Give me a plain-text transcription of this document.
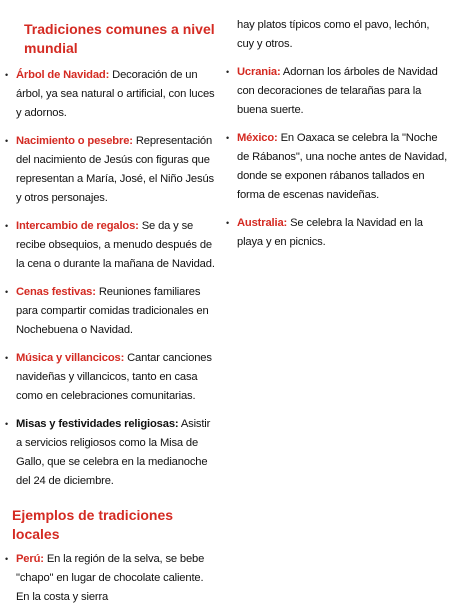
Tradiciones comunes a nivel mundial
• Árbol de Navidad: Decoración de un árbol, ya sea natural o artificial, con luces y adornos.
• Nacimiento o pesebre: Representación del nacimiento de Jesús con figuras que representan a María, José, el Niño Jesús y otros personajes.
• Intercambio de regalos: Se da y se recibe obsequios, a menudo después de la cena o durante la mañana de Navidad.
• Cenas festivas: Reuniones familiares para compartir comidas tradicionales en Nochebuena o Navidad.
• Música y villancicos: Cantar canciones navideñas y villancicos, tanto en casa como en celebraciones comunitarias.
• Misas y festividades religiosas: Asistir a servicios religiosos como la Misa de Gallo, que se celebra en la medianoche del 24 de diciembre.
Ejemplos de tradiciones locales
• Perú: En la región de la selva, se bebe "chapo" en lugar de chocolate caliente. En la costa y sierra

hay platos típicos como el pavo, lechón, cuy y otros.

• Ucrania: Adornan los árboles de Navidad con decoraciones de telarañas para la buena suerte.
• México: En Oaxaca se celebra la "Noche de Rábanos", una noche antes de Navidad, donde se exponen rábanos tallados en forma de escenas navideñas.
• Australia: Se celebra la Navidad en la playa y en picnics.
